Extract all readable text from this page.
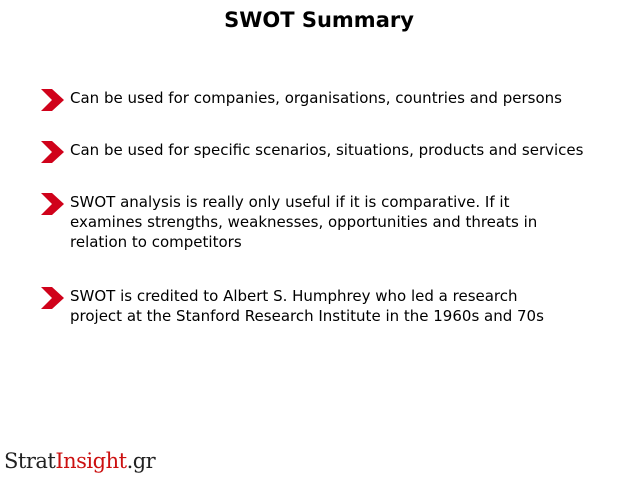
SWOT Summary
Can be used for companies, organisations, countries and persons
Can be used for specific scenarios, situations, products and services
SWOT analysis is really only useful if it is comparative. If it examines strengths, weaknesses, opportunities and threats in relation to competitors
SWOT is credited to Albert S. Humphrey who led a research project at the Stanford Research Institute in the 1960s and 70s
StratInsight.gr
